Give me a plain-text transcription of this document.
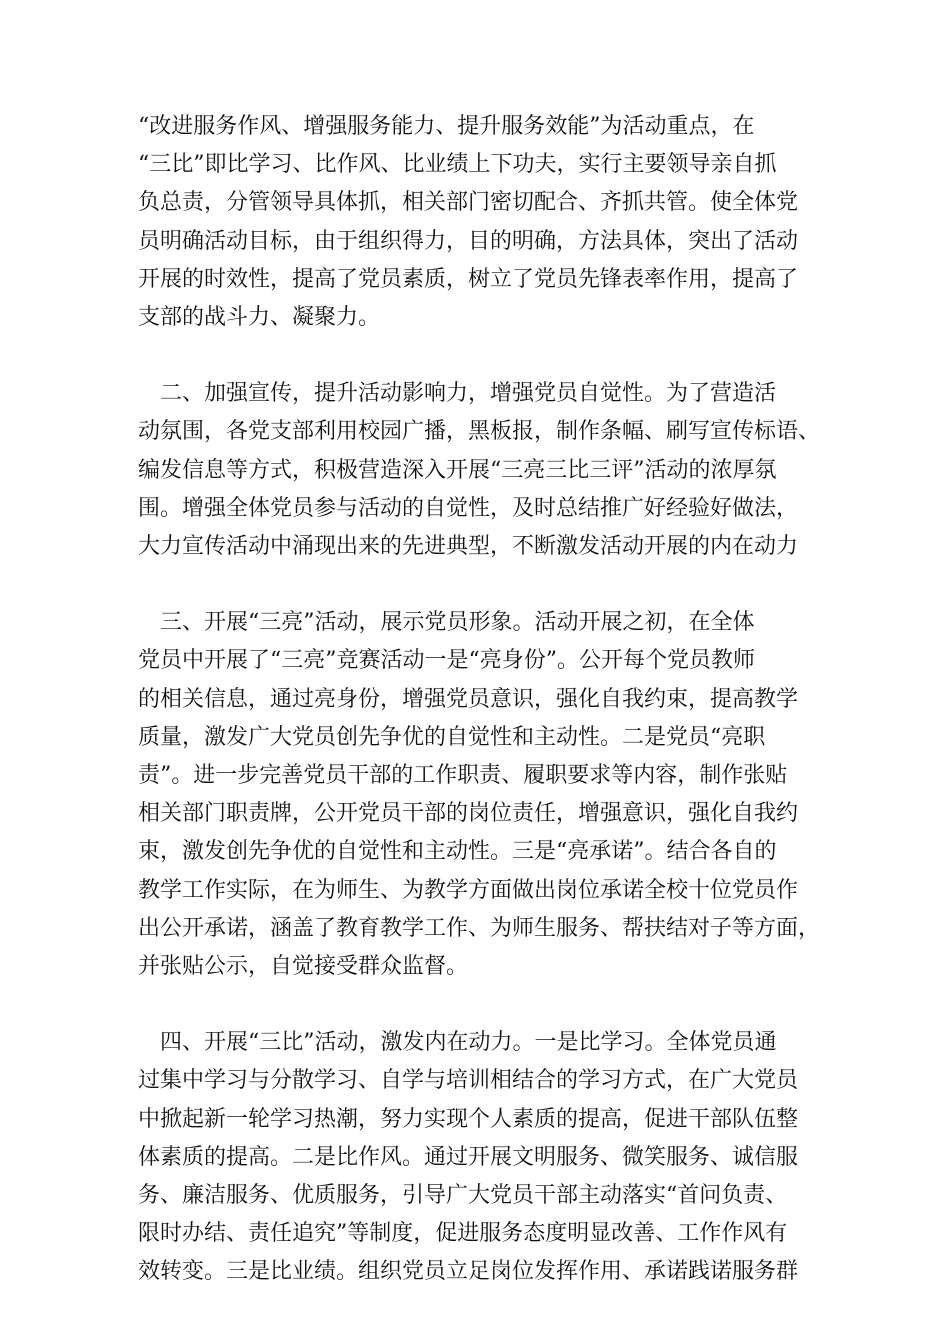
“改进服务作风、增强服务能力、提升服务效能”为活动重点，在
“三比”即比学习、比作风、比业绩上下功夫，实行主要领导亲自抓
负总责，分管领导具体抓，相关部门密切配合、齐抓共管。使全体党
员明确活动目标，由于组织得力，目的明确，方法具体，突出了活动
开展的时效性，提高了党员素质，树立了党员先锋表率作用，提高了
支部的战斗力、凝聚力。
　二、加强宣传，提升活动影响力，增强党员自觉性。为了营造活
动氛围，各党支部利用校园广播，黑板报，制作条幅、刷写宣传标语、
编发信息等方式，积极营造深入开展“三亮三比三评”活动的浓厚氛
围。增强全体党员参与活动的自觉性，及时总结推广好经验好做法，
大力宣传活动中涌现出来的先进典型，不断激发活动开展的内在动力
　三、开展“三亮”活动，展示党员形象。活动开展之初，在全体
党员中开展了“三亮”竞赛活动一是“亮身份”。公开每个党员教师
的相关信息，通过亮身份，增强党员意识，强化自我约束，提高教学
质量，激发广大党员创先争优的自觉性和主动性。二是党员“亮职
责”。进一步完善党员干部的工作职责、履职要求等内容，制作张贴
相关部门职责牌，公开党员干部的岗位责任，增强意识，强化自我约
束，激发创先争优的自觉性和主动性。三是“亮承诺”。结合各自的
教学工作实际，在为师生、为教学方面做出岗位承诺全校十位党员作
出公开承诺，涵盖了教育教学工作、为师生服务、帮扶结对子等方面，
并张贴公示，自觉接受群众监督。
　四、开展“三比”活动，激发内在动力。一是比学习。全体党员通
过集中学习与分散学习、自学与培训相结合的学习方式，在广大党员
中掀起新一轮学习热潮，努力实现个人素质的提高，促进干部队伍整
体素质的提高。二是比作风。通过开展文明服务、微笑服务、诚信服
务、廉洁服务、优质服务，引导广大党员干部主动落实“首问负责、
限时办结、责任追究”等制度，促进服务态度明显改善、工作作风有
效转变。三是比业绩。组织党员立足岗位发挥作用、承诺践诺服务群
